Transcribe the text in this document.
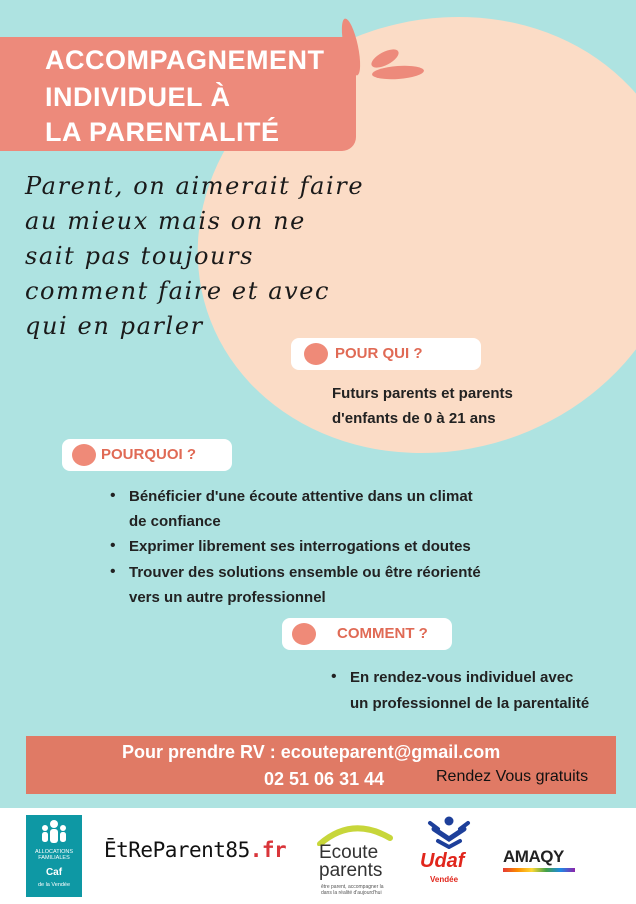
ACCOMPAGNEMENT
INDIVIDUEL À
LA PARENTALITÉ
Parent, on aimerait faire
au mieux mais on ne
sait pas toujours
comment faire et avec
qui en parler
POUR QUI ?
Futurs parents et parents
d'enfants de 0 à 21 ans
POURQUOI ?
• Bénéficier d'une écoute attentive dans un climat
de confiance
• Exprimer librement ses interrogations et doutes
• Trouver des solutions ensemble ou être réorienté
vers un autre professionnel
COMMENT ?
• En rendez-vous individuel avec
un professionnel de la parentalité
Pour prendre RV : ecouteparent@gmail.com
02 51 06 31 44	Rendez Vous gratuits
ALLOCATIONS
FAMILIALES
Caf
de la Vendée
ĒtReParent85.fr Ecoute
parents
être parent, accompagner la
dans la réalité d'aujourd'hui
Udaf
Vendée
AMAQY
